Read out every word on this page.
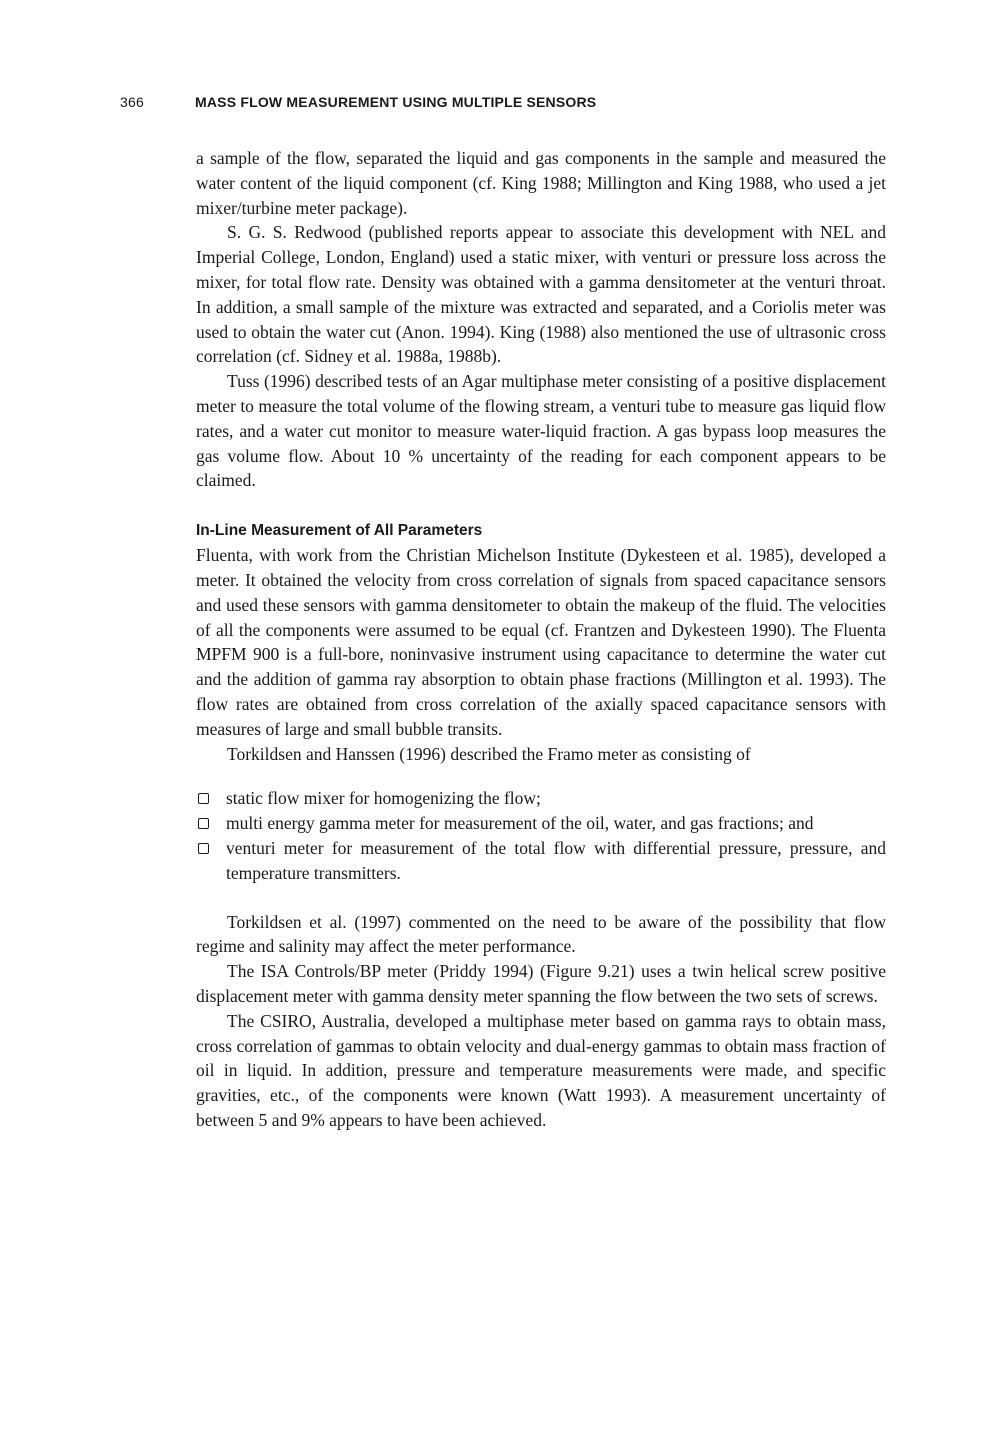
366	MASS FLOW MEASUREMENT USING MULTIPLE SENSORS

a sample of the flow, separated the liquid and gas components in the sample and measured the water content of the liquid component (cf. King 1988; Millington and King 1988, who used a jet mixer/turbine meter package).

S. G. S. Redwood (published reports appear to associate this development with NEL and Imperial College, London, England) used a static mixer, with venturi or pressure loss across the mixer, for total flow rate. Density was obtained with a gamma densitometer at the venturi throat. In addition, a small sample of the mixture was extracted and separated, and a Coriolis meter was used to obtain the water cut (Anon. 1994). King (1988) also mentioned the use of ultrasonic cross correlation (cf. Sidney et al. 1988a, 1988b).

Tuss (1996) described tests of an Agar multiphase meter consisting of a positive displacement meter to measure the total volume of the flowing stream, a venturi tube to measure gas liquid flow rates, and a water cut monitor to measure water-liquid fraction. A gas bypass loop measures the gas volume flow. About 10 % uncertainty of the reading for each component appears to be claimed.

In-Line Measurement of All Parameters

Fluenta, with work from the Christian Michelson Institute (Dykesteen et al. 1985), developed a meter. It obtained the velocity from cross correlation of signals from spaced capacitance sensors and used these sensors with gamma densitometer to obtain the makeup of the fluid. The velocities of all the components were assumed to be equal (cf. Frantzen and Dykesteen 1990). The Fluenta MPFM 900 is a full-bore, noninvasive instrument using capacitance to determine the water cut and the addition of gamma ray absorption to obtain phase fractions (Millington et al. 1993). The flow rates are obtained from cross correlation of the axially spaced capacitance sensors with measures of large and small bubble transits.

Torkildsen and Hanssen (1996) described the Framo meter as consisting of

static flow mixer for homogenizing the flow;
multi energy gamma meter for measurement of the oil, water, and gas fractions; and
venturi meter for measurement of the total flow with differential pressure, pressure, and temperature transmitters.

Torkildsen et al. (1997) commented on the need to be aware of the possibility that flow regime and salinity may affect the meter performance.

The ISA Controls/BP meter (Priddy 1994) (Figure 9.21) uses a twin helical screw positive displacement meter with gamma density meter spanning the flow between the two sets of screws.

The CSIRO, Australia, developed a multiphase meter based on gamma rays to obtain mass, cross correlation of gammas to obtain velocity and dual-energy gammas to obtain mass fraction of oil in liquid. In addition, pressure and temperature measurements were made, and specific gravities, etc., of the components were known (Watt 1993). A measurement uncertainty of between 5 and 9% appears to have been achieved.
